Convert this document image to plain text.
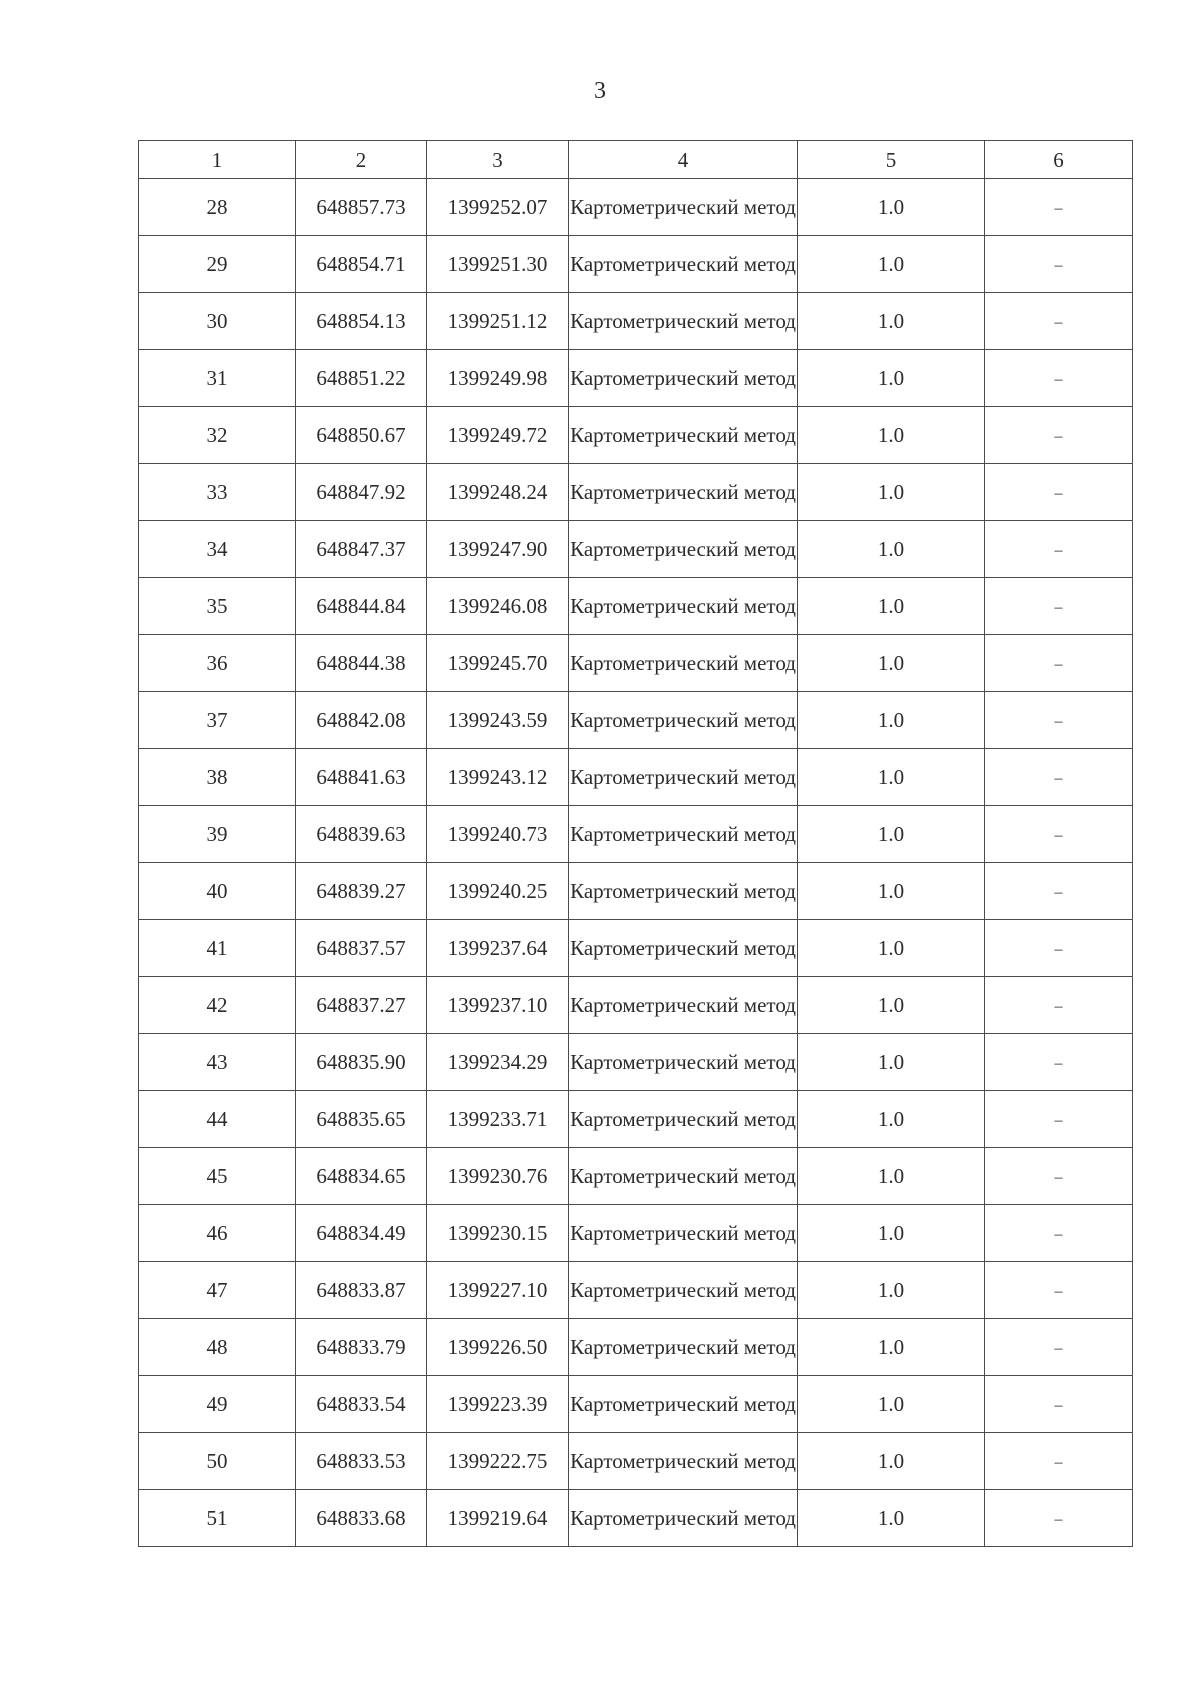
3
1	2	3	4	5	6
28	648857.73	1399252.07	Картометрический метод	1.0	–
29	648854.71	1399251.30	Картометрический метод	1.0	–
30	648854.13	1399251.12	Картометрический метод	1.0	–
31	648851.22	1399249.98	Картометрический метод	1.0	–
32	648850.67	1399249.72	Картометрический метод	1.0	–
33	648847.92	1399248.24	Картометрический метод	1.0	–
34	648847.37	1399247.90	Картометрический метод	1.0	–
35	648844.84	1399246.08	Картометрический метод	1.0	–
36	648844.38	1399245.70	Картометрический метод	1.0	–
37	648842.08	1399243.59	Картометрический метод	1.0	–
38	648841.63	1399243.12	Картометрический метод	1.0	–
39	648839.63	1399240.73	Картометрический метод	1.0	–
40	648839.27	1399240.25	Картометрический метод	1.0	–
41	648837.57	1399237.64	Картометрический метод	1.0	–
42	648837.27	1399237.10	Картометрический метод	1.0	–
43	648835.90	1399234.29	Картометрический метод	1.0	–
44	648835.65	1399233.71	Картометрический метод	1.0	–
45	648834.65	1399230.76	Картометрический метод	1.0	–
46	648834.49	1399230.15	Картометрический метод	1.0	–
47	648833.87	1399227.10	Картометрический метод	1.0	–
48	648833.79	1399226.50	Картометрический метод	1.0	–
49	648833.54	1399223.39	Картометрический метод	1.0	–
50	648833.53	1399222.75	Картометрический метод	1.0	–
51	648833.68	1399219.64	Картометрический метод	1.0	–
